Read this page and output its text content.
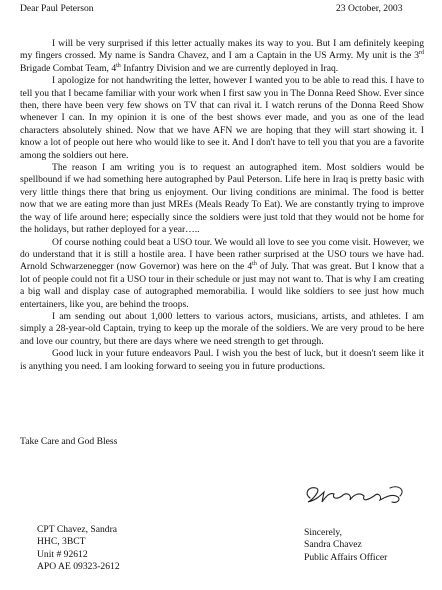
Dear Paul Peterson	23 October, 2003

I will be very surprised if this letter actually makes its way to you. But I am definitely keeping my fingers crossed. My name is Sandra Chavez, and I am a Captain in the US Army. My unit is the 3rd Brigade Combat Team, 4th Infantry Division and we are currently deployed in Iraq.

I apologize for not handwriting the letter, however I wanted you to be able to read this. I have to tell you that I became familiar with your work when I first saw you in The Donna Reed Show. Ever since then, there have been very few shows on TV that can rival it. I watch reruns of the Donna Reed Show whenever I can. In my opinion it is one of the best shows ever made, and you as one of the lead characters absolutely shined. Now that we have AFN we are hoping that they will start showing it. I know a lot of people out here who would like to see it. And I don't have to tell you that you are a favorite among the soldiers out here.

The reason I am writing you is to request an autographed item. Most soldiers would be spellbound if we had something here autographed by Paul Peterson. Life here in Iraq is pretty basic with very little things there that bring us enjoyment. Our living conditions are minimal. The food is better now that we are eating more than just MREs (Meals Ready To Eat). We are constantly trying to improve the way of life around here; especially since the soldiers were just told that they would not be home for the holidays, but rather deployed for a year…..

Of course nothing could beat a USO tour. We would all love to see you come visit. However, we do understand that it is still a hostile area. I have been rather surprised at the USO tours we have had. Arnold Schwarzenegger (now Governor) was here on the 4th of July. That was great. But I know that a lot of people could not fit a USO tour in their schedule or just may not want to. That is why I am creating a big wall and display case of autographed memorabilia. I would like soldiers to see just how much entertainers, like you, are behind the troops.

I am sending out about 1,000 letters to various actors, musicians, artists, and athletes. I am simply a 28-year-old Captain, trying to keep up the morale of the soldiers. We are very proud to be here and love our country, but there are days where we need strength to get through.

Good luck in your future endeavors Paul. I wish you the best of luck, but it doesn't seem like it is anything you need. I am looking forward to seeing you in future productions.

Take Care and God Bless
Sincerely,
Sandra Chavez
Public Affairs Officer
CPT Chavez, Sandra
HHC, 3BCT
Unit # 92612
APO AE 09323-2612
